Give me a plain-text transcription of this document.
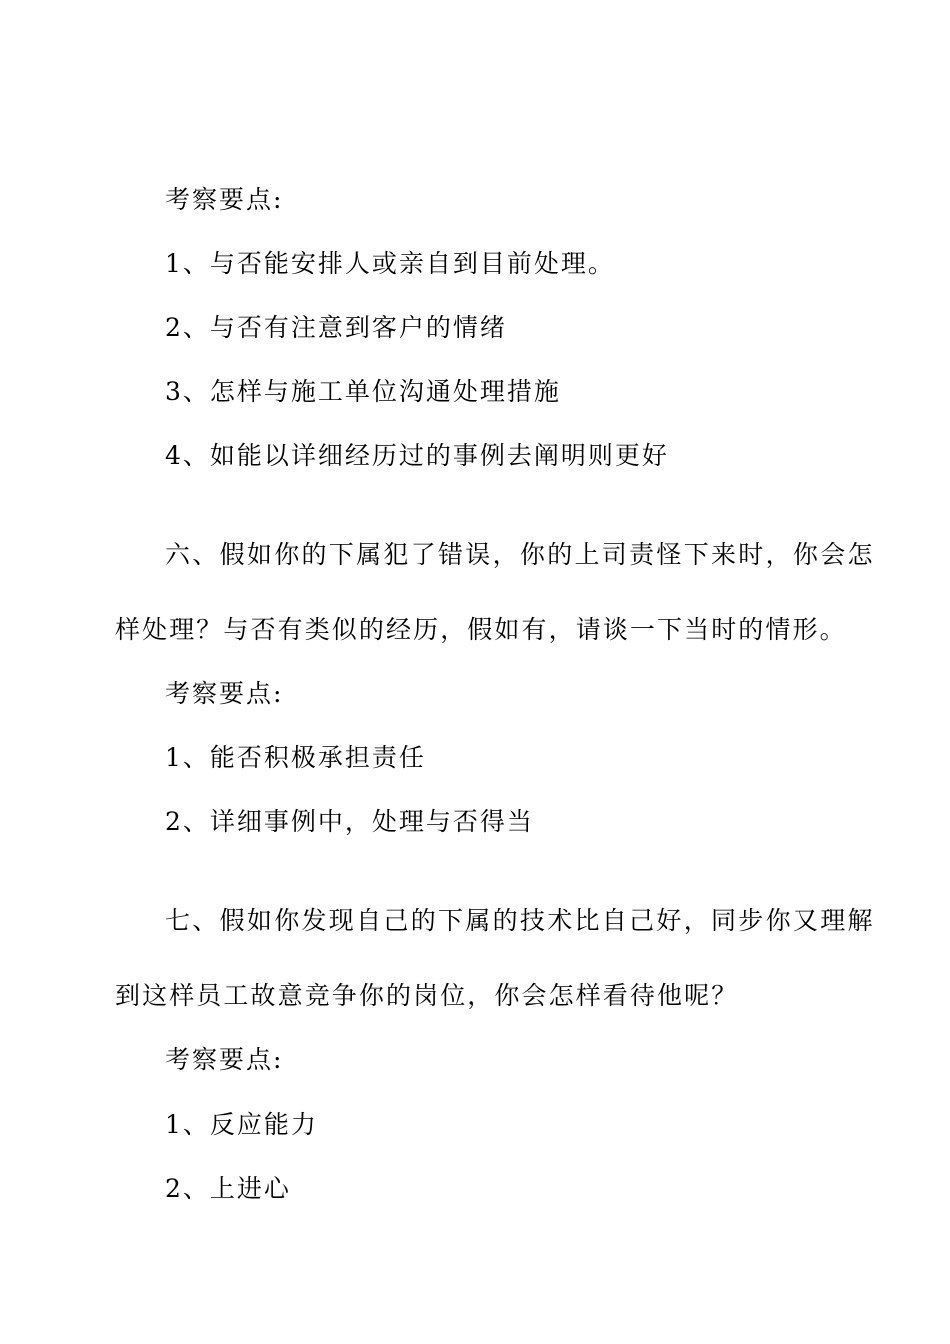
考察要点:

1、与否能安排人或亲自到目前处理。

2、与否有注意到客户的情绪

3、怎样与施工单位沟通处理措施

4、如能以详细经历过的事例去阐明则更好

六、假如你的下属犯了错误，你的上司责怪下来时，你会怎

样处理？与否有类似的经历，假如有，请谈一下当时的情形。

考察要点:

1、能否积极承担责任

2、详细事例中，处理与否得当

七、假如你发现自己的下属的技术比自己好，同步你又理解

到这样员工故意竞争你的岗位，你会怎样看待他呢？

考察要点:

1、反应能力

2、上进心
